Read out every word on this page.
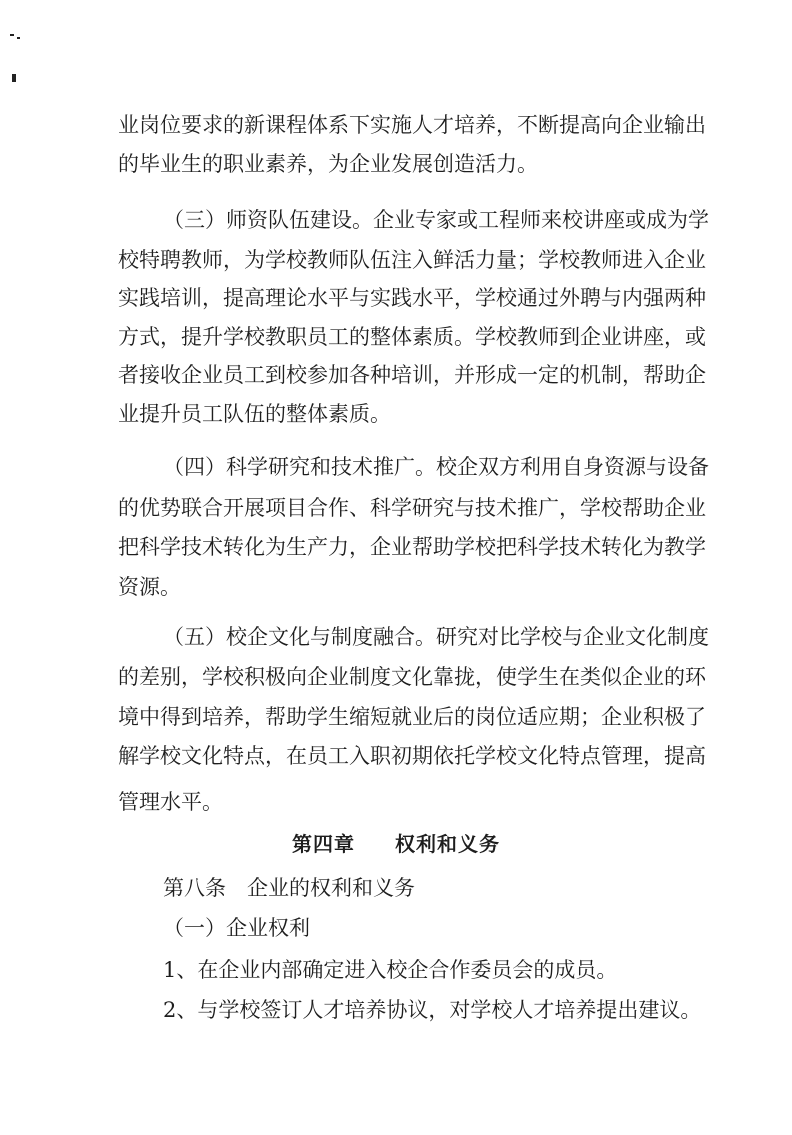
业岗位要求的新课程体系下实施人才培养，不断提高向企业输出
的毕业生的职业素养，为企业发展创造活力。
（三）师资队伍建设。企业专家或工程师来校讲座或成为学
校特聘教师，为学校教师队伍注入鲜活力量；学校教师进入企业
实践培训，提高理论水平与实践水平，学校通过外聘与内强两种
方式，提升学校教职员工的整体素质。学校教师到企业讲座，或
者接收企业员工到校参加各种培训，并形成一定的机制，帮助企
业提升员工队伍的整体素质。
（四）科学研究和技术推广。校企双方利用自身资源与设备
的优势联合开展项目合作、科学研究与技术推广，学校帮助企业
把科学技术转化为生产力，企业帮助学校把科学技术转化为教学
资源。
（五）校企文化与制度融合。研究对比学校与企业文化制度
的差别，学校积极向企业制度文化靠拢，使学生在类似企业的环
境中得到培养，帮助学生缩短就业后的岗位适应期；企业积极了
解学校文化特点，在员工入职初期依托学校文化特点管理，提高
管理水平。
第四章 权利和义务
第八条　企业的权利和义务
（一）企业权利
1、在企业内部确定进入校企合作委员会的成员。
2、与学校签订人才培养协议，对学校人才培养提出建议。
